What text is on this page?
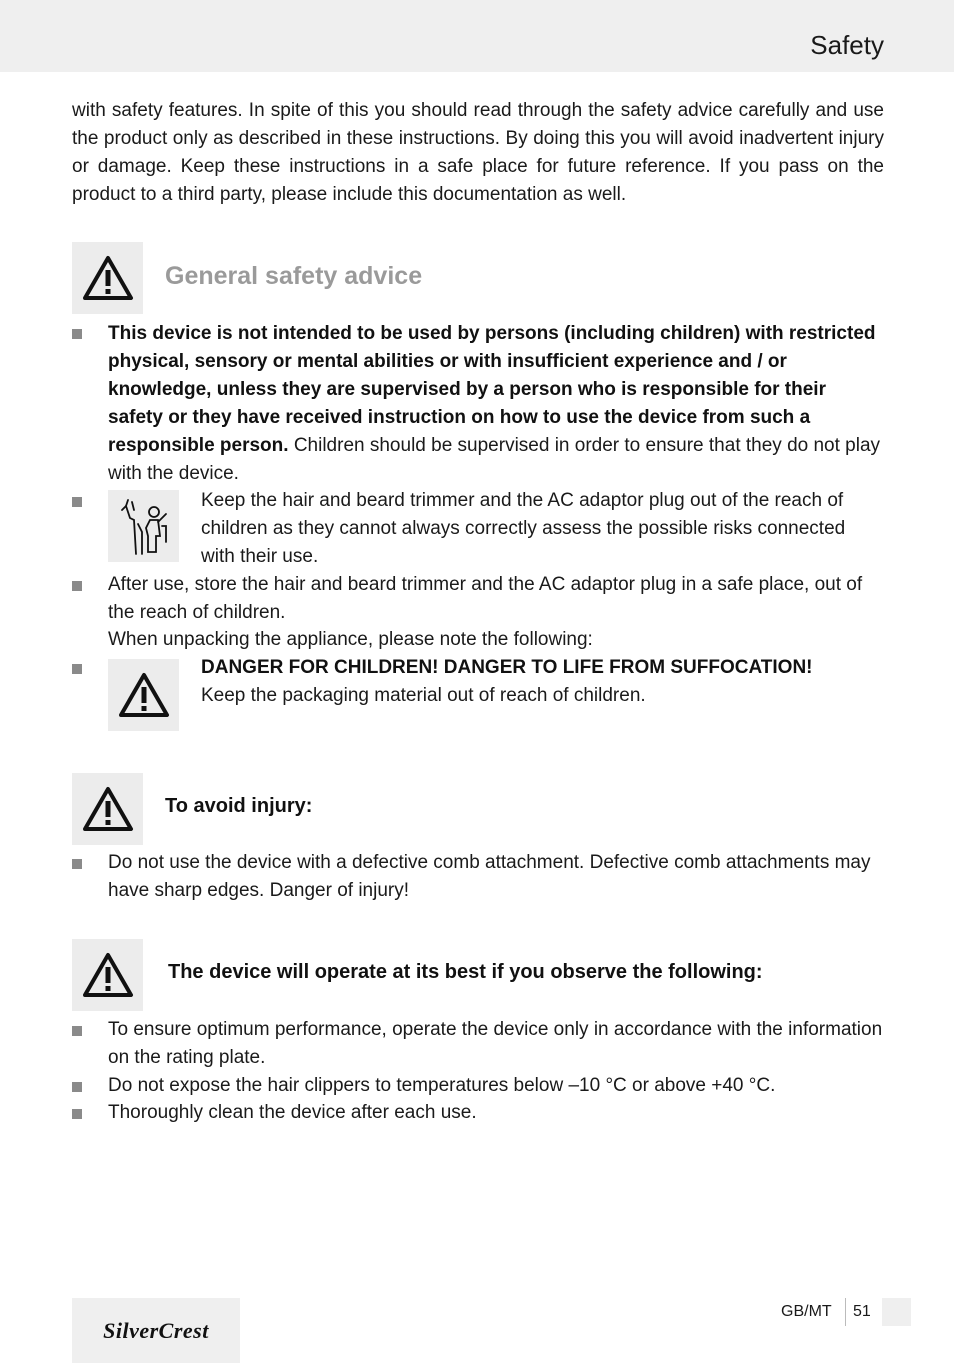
Safety
with safety features. In spite of this you should read through the safety advice carefully and use the product only as described in these instructions. By doing this you will avoid inadvertent injury or damage. Keep these instructions in a safe place for future reference. If you pass on the product to a third party, please include this documentation as well.
General safety advice
This device is not intended to be used by persons (including children) with restricted physical, sensory or mental abilities or with insufficient experience and / or knowledge, unless they are supervised by a person who is responsible for their safety or they have received instruction on how to use the device from such a responsible person. Children should be supervised in order to ensure that they do not play with the device.
Keep the hair and beard trimmer and the AC adaptor plug out of the reach of children as they cannot always correctly assess the possible risks connected with their use.
After use, store the hair and beard trimmer and the AC adaptor plug in a safe place, out of the reach of children.
When unpacking the appliance, please note the following:
DANGER FOR CHILDREN! DANGER TO LIFE FROM SUFFOCATION!
Keep the packaging material out of reach of children.
To avoid injury:
Do not use the device with a defective comb attachment. Defective comb attachments may have sharp edges. Danger of injury!
The device will operate at its best if you observe the following:
To ensure optimum performance, operate the device only in accordance with the information on the rating plate.
Do not expose the hair clippers to temperatures below –10 °C or above +40 °C.
Thoroughly clean the device after each use.
SilverCrest
GB/MT 51
